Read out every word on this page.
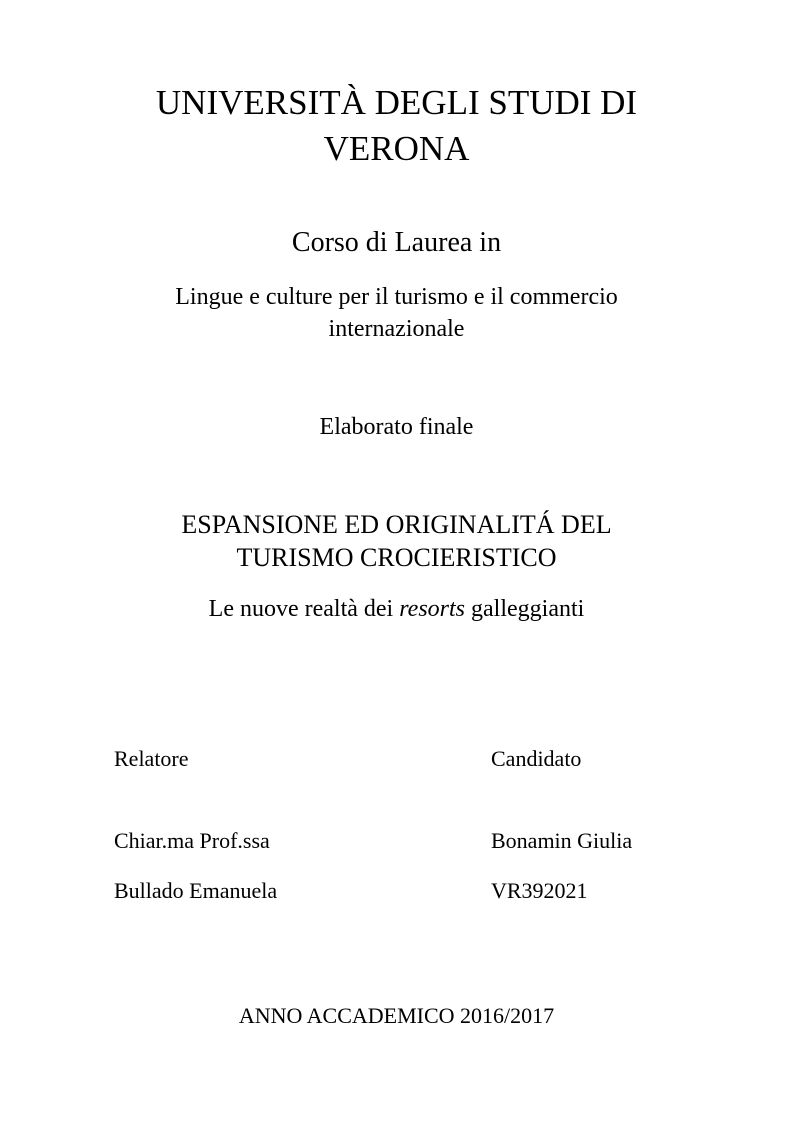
UNIVERSITÀ DEGLI STUDI DI
VERONA
Corso di Laurea in
Lingue e culture per il turismo e il commercio
internazionale
Elaborato finale
ESPANSIONE ED ORIGINALITÁ DEL
TURISMO CROCIERISTICO
Le nuove realtà dei resorts galleggianti
Relatore	Candidato
Chiar.ma Prof.ssa	Bonamin Giulia
Bullado Emanuela	VR392021
ANNO ACCADEMICO 2016/2017
